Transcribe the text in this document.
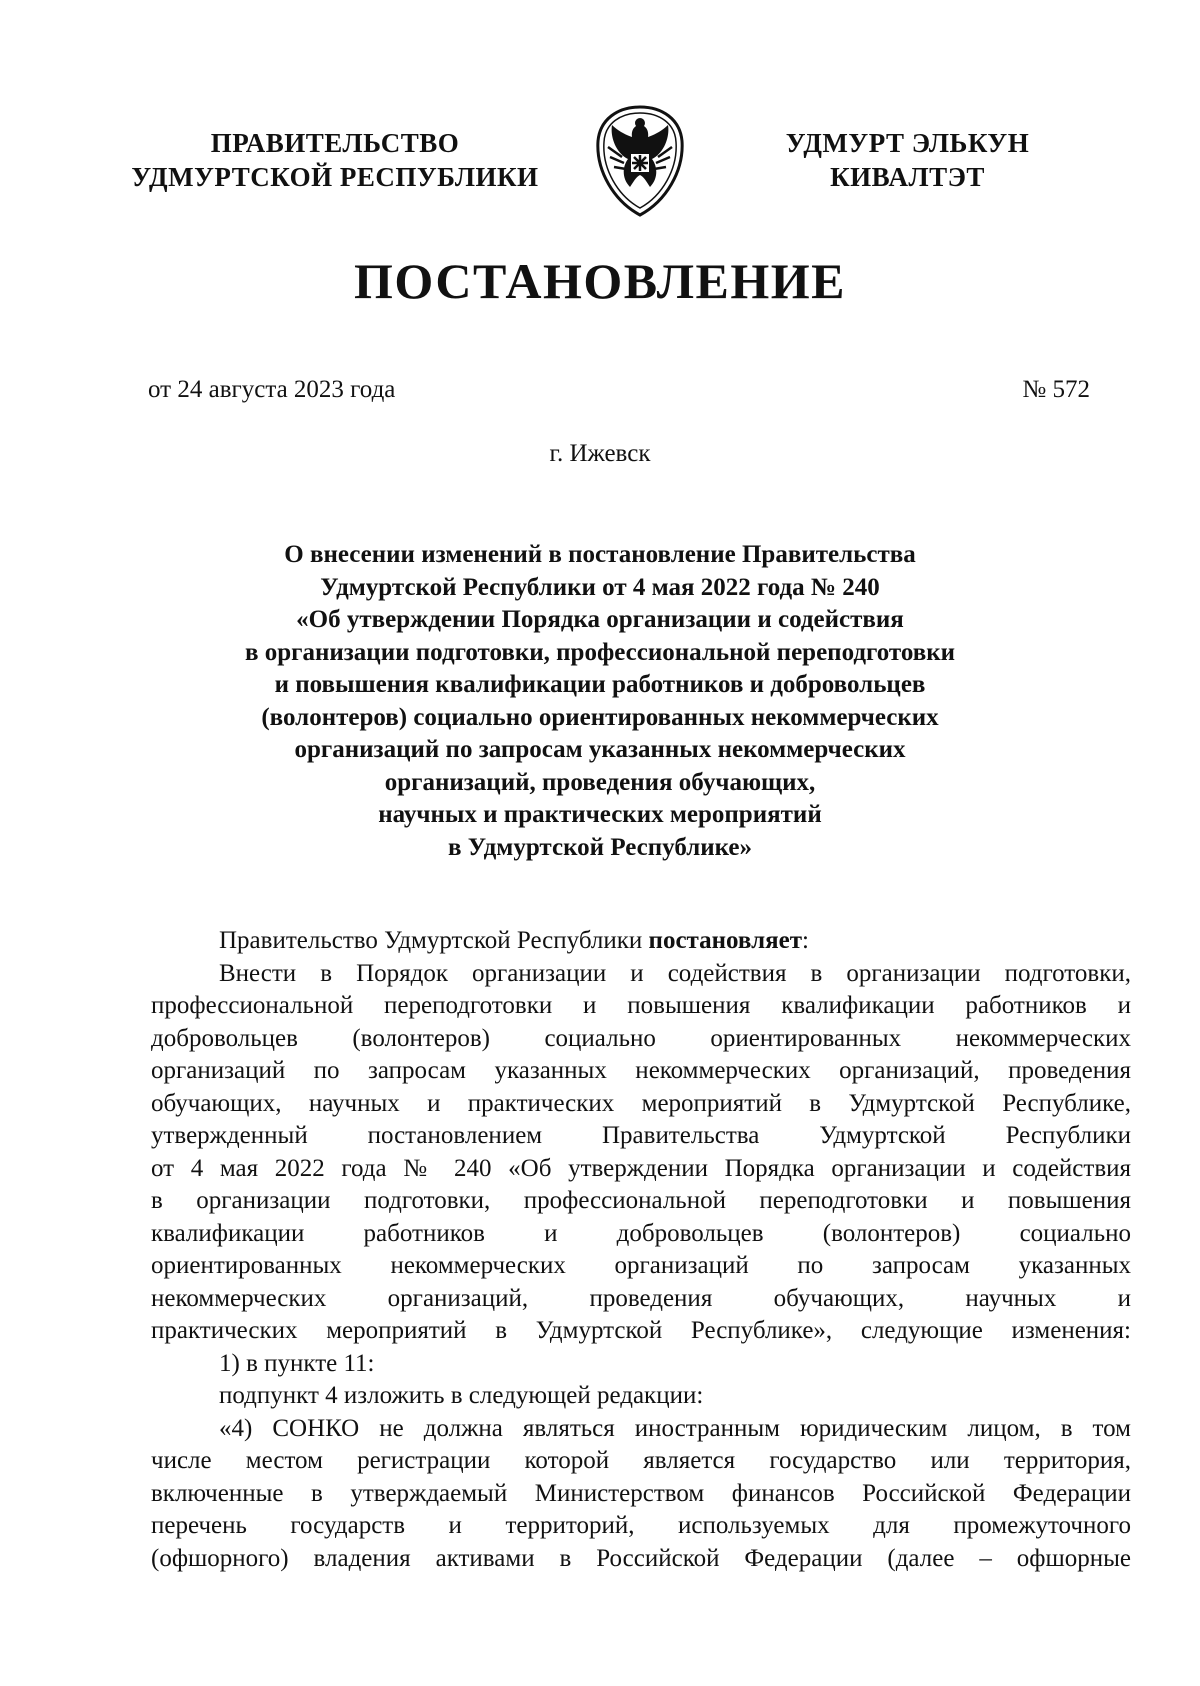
ПРАВИТЕЛЬСТВО
УДМУРТСКОЙ РЕСПУБЛИКИ
УДМУРТ ЭЛЬКУН
КИВАЛТЭТ
ПОСТАНОВЛЕНИЕ
от 24 августа 2023 года	№ 572
г. Ижевск
О внесении изменений в постановление Правительства
Удмуртской Республики от 4 мая 2022 года № 240
«Об утверждении Порядка организации и содействия
в организации подготовки, профессиональной переподготовки
и повышения квалификации работников и добровольцев
(волонтеров) социально ориентированных некоммерческих
организаций по запросам указанных некоммерческих
организаций, проведения обучающих,
научных и практических мероприятий
в Удмуртской Республике»
Правительство Удмуртской Республики постановляет:
Внести в Порядок организации и содействия в организации подготовки,
профессиональной переподготовки и повышения квалификации работников и
добровольцев (волонтеров) социально ориентированных некоммерческих
организаций по запросам указанных некоммерческих организаций, проведения
обучающих, научных и практических мероприятий в Удмуртской Республике,
утвержденный постановлением Правительства Удмуртской Республики
от 4 мая 2022 года № 240 «Об утверждении Порядка организации и содействия
в организации подготовки, профессиональной переподготовки и повышения
квалификации работников и добровольцев (волонтеров) социально
ориентированных некоммерческих организаций по запросам указанных
некоммерческих организаций, проведения обучающих, научных и
практических мероприятий в Удмуртской Республике», следующие изменения:
1) в пункте 11:
подпункт 4 изложить в следующей редакции:
«4) СОНКО не должна являться иностранным юридическим лицом, в том
числе местом регистрации которой является государство или территория,
включенные в утверждаемый Министерством финансов Российской Федерации
перечень государств и территорий, используемых для промежуточного
(офшорного) владения активами в Российской Федерации (далее – офшорные
